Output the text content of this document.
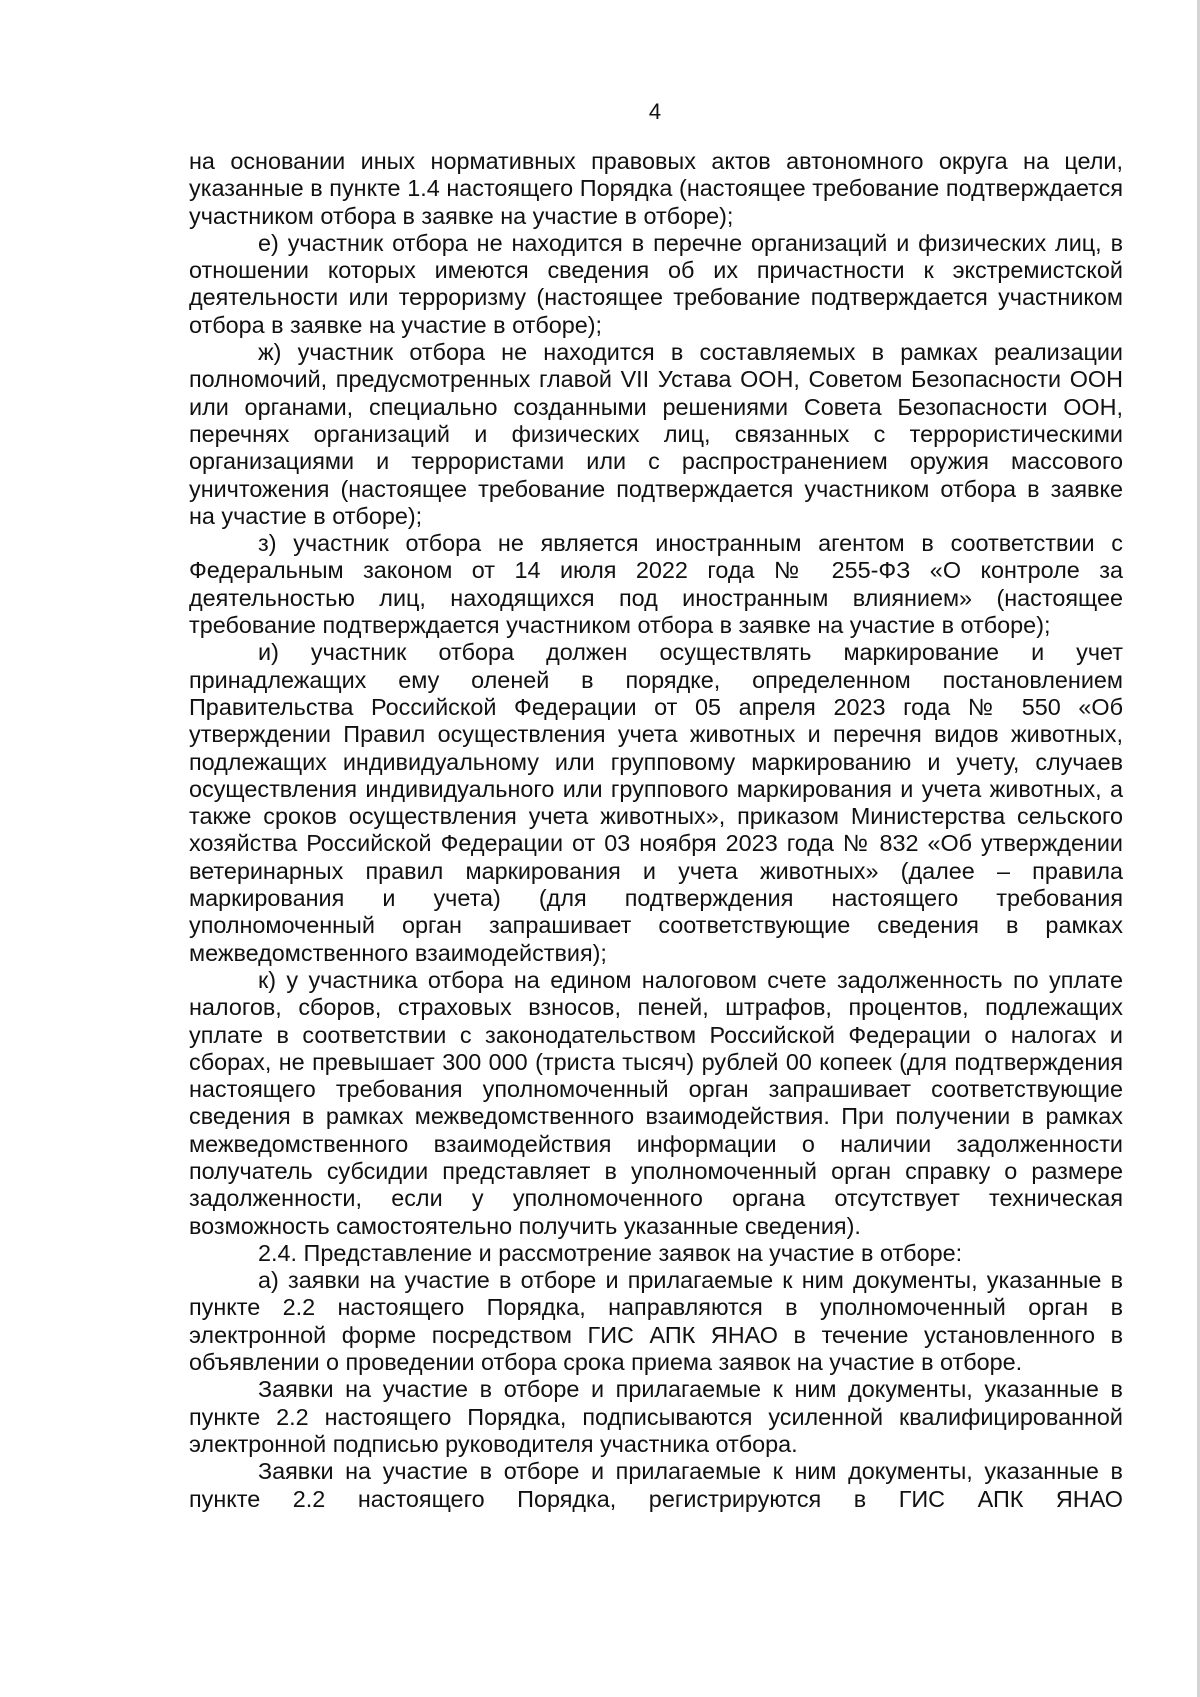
4

на основании иных нормативных правовых актов автономного округа на цели, указанные в пункте 1.4 настоящего Порядка (настоящее требование подтверждается участником отбора в заявке на участие в отборе);

е) участник отбора не находится в перечне организаций и физических лиц, в отношении которых имеются сведения об их причастности к экстремистской деятельности или терроризму (настоящее требование подтверждается участником отбора в заявке на участие в отборе);

ж) участник отбора не находится в составляемых в рамках реализации полномочий, предусмотренных главой VII Устава ООН, Советом Безопасности ООН или органами, специально созданными решениями Совета Безопасности ООН, перечнях организаций и физических лиц, связанных с террористическими организациями и террористами или с распространением оружия массового уничтожения (настоящее требование подтверждается участником отбора в заявке на участие в отборе);

з) участник отбора не является иностранным агентом в соответствии с Федеральным законом от 14 июля 2022 года № 255-ФЗ «О контроле за деятельностью лиц, находящихся под иностранным влиянием» (настоящее требование подтверждается участником отбора в заявке на участие в отборе);

и) участник отбора должен осуществлять маркирование и учет принадлежащих ему оленей в порядке, определенном постановлением Правительства Российской Федерации от 05 апреля 2023 года № 550 «Об утверждении Правил осуществления учета животных и перечня видов животных, подлежащих индивидуальному или групповому маркированию и учету, случаев осуществления индивидуального или группового маркирования и учета животных, а также сроков осуществления учета животных», приказом Министерства сельского хозяйства Российской Федерации от 03 ноября 2023 года № 832 «Об утверждении ветеринарных правил маркирования и учета животных» (далее – правила маркирования и учета) (для подтверждения настоящего требования уполномоченный орган запрашивает соответствующие сведения в рамках межведомственного взаимодействия);

к) у участника отбора на едином налоговом счете задолженность по уплате налогов, сборов, страховых взносов, пеней, штрафов, процентов, подлежащих уплате в соответствии с законодательством Российской Федерации о налогах и сборах, не превышает 300 000 (триста тысяч) рублей 00 копеек (для подтверждения настоящего требования уполномоченный орган запрашивает соответствующие сведения в рамках межведомственного взаимодействия. При получении в рамках межведомственного взаимодействия информации о наличии задолженности получатель субсидии представляет в уполномоченный орган справку о размере задолженности, если у уполномоченного органа отсутствует техническая возможность самостоятельно получить указанные сведения).

2.4. Представление и рассмотрение заявок на участие в отборе:

а) заявки на участие в отборе и прилагаемые к ним документы, указанные в пункте 2.2 настоящего Порядка, направляются в уполномоченный орган в электронной форме посредством ГИС АПК ЯНАО в течение установленного в объявлении о проведении отбора срока приема заявок на участие в отборе.

Заявки на участие в отборе и прилагаемые к ним документы, указанные в пункте 2.2 настоящего Порядка, подписываются усиленной квалифицированной электронной подписью руководителя участника отбора.

Заявки на участие в отборе и прилагаемые к ним документы, указанные в пункте 2.2 настоящего Порядка, регистрируются в ГИС АПК ЯНАО
